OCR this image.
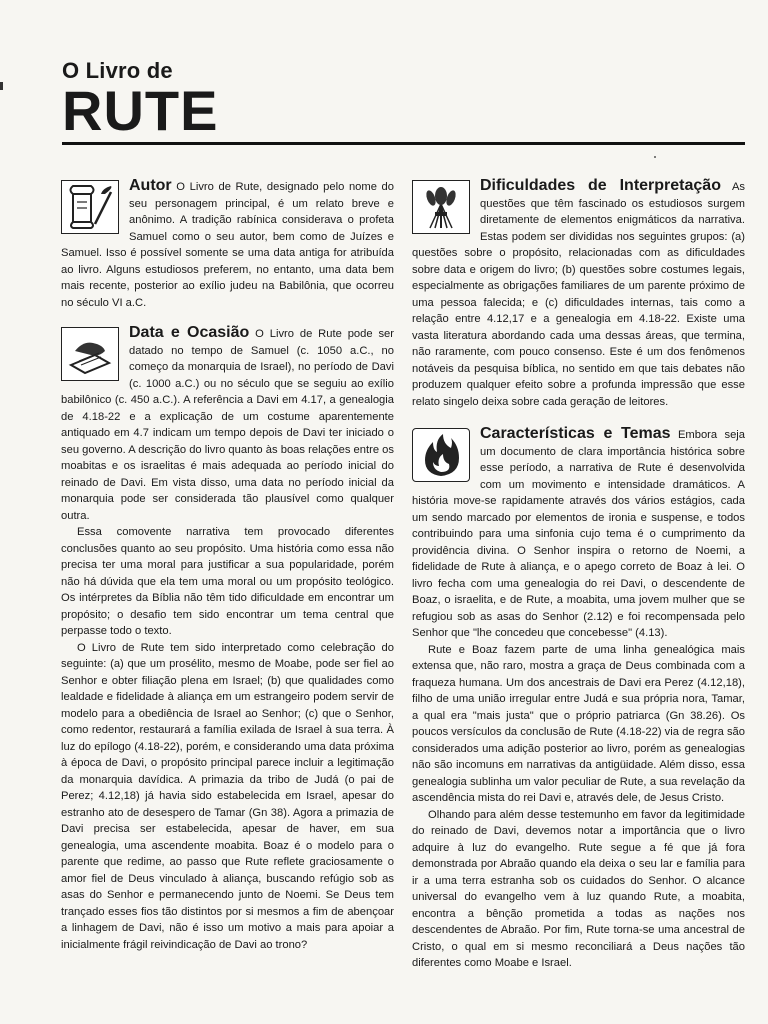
O Livro de
RUTE

Autor O Livro de Rute, designado pelo nome do seu personagem principal, é um relato breve e anônimo. A tradição rabínica considerava o profeta Samuel como o seu autor, bem como de Juízes e Samuel. Isso é possível somente se uma data antiga for atribuída ao livro. Alguns estudiosos preferem, no entanto, uma data bem mais recente, posterior ao exílio judeu na Babilônia, que ocorreu no século VI a.C.

Data e Ocasião O Livro de Rute pode ser datado no tempo de Samuel (c. 1050 a.C., no começo da monarquia de Israel), no período de Davi (c. 1000 a.C.) ou no século que se seguiu ao exílio babilônico (c. 450 a.C.). A referência a Davi em 4.17, a genealogia de 4.18-22 e a explicação de um costume aparentemente antiquado em 4.7 indicam um tempo depois de Davi ter iniciado o seu governo. A descrição do livro quanto às boas relações entre os moabitas e os israelitas é mais adequada ao período inicial do reinado de Davi. Em vista disso, uma data no período inicial da monarquia pode ser considerada tão plausível como qualquer outra.

Essa comovente narrativa tem provocado diferentes conclusões quanto ao seu propósito. Uma história como essa não precisa ter uma moral para justificar a sua popularidade, porém não há dúvida que ela tem uma moral ou um propósito teológico. Os intérpretes da Bíblia não têm tido dificuldade em encontrar um propósito; o desafio tem sido encontrar um tema central que perpasse todo o texto.

O Livro de Rute tem sido interpretado como celebração do seguinte: (a) que um prosélito, mesmo de Moabe, pode ser fiel ao Senhor e obter filiação plena em Israel; (b) que qualidades como lealdade e fidelidade à aliança em um estrangeiro podem servir de modelo para a obediência de Israel ao Senhor; (c) que o Senhor, como redentor, restaurará a família exilada de Israel à sua terra. À luz do epílogo (4.18-22), porém, e considerando uma data próxima à época de Davi, o propósito principal parece incluir a legitimação da monarquia davídica. A primazia da tribo de Judá (o pai de Perez; 4.12,18) já havia sido estabelecida em Israel, apesar do estranho ato de desespero de Tamar (Gn 38). Agora a primazia de Davi precisa ser estabelecida, apesar de haver, em sua genealogia, uma ascendente moabita. Boaz é o modelo para o parente que redime, ao passo que Rute reflete graciosamente o amor fiel de Deus vinculado à aliança, buscando refúgio sob as asas do Senhor e permanecendo junto de Noemi. Se Deus tem trançado esses fios tão distintos por si mesmos a fim de abençoar a linhagem de Davi, não é isso um motivo a mais para apoiar a inicialmente frágil reivindicação de Davi ao trono?

Dificuldades de Interpretação As questões que têm fascinado os estudiosos surgem diretamente de elementos enigmáticos da narrativa. Estas podem ser divididas nos seguintes grupos: (a) questões sobre o propósito, relacionadas com as dificuldades sobre data e origem do livro; (b) questões sobre costumes legais, especialmente as obrigações familiares de um parente próximo de uma pessoa falecida; e (c) dificuldades internas, tais como a relação entre 4.12,17 e a genealogia em 4.18-22. Existe uma vasta literatura abordando cada uma dessas áreas, que termina, não raramente, com pouco consenso. Este é um dos fenômenos notáveis da pesquisa bíblica, no sentido em que tais debates não produzem qualquer efeito sobre a profunda impressão que esse relato singelo deixa sobre cada geração de leitores.

Características e Temas Embora seja um documento de clara importância histórica sobre esse período, a narrativa de Rute é desenvolvida com um movimento e intensidade dramáticos. A história move-se rapidamente através dos vários estágios, cada um sendo marcado por elementos de ironia e suspense, e todos contribuindo para uma sinfonia cujo tema é o cumprimento da providência divina. O Senhor inspira o retorno de Noemi, a fidelidade de Rute à aliança, e o apego correto de Boaz à lei. O livro fecha com uma genealogia do rei Davi, o descendente de Boaz, o israelita, e de Rute, a moabita, uma jovem mulher que se refugiou sob as asas do Senhor (2.12) e foi recompensada pelo Senhor que "lhe concedeu que concebesse" (4.13).

Rute e Boaz fazem parte de uma linha genealógica mais extensa que, não raro, mostra a graça de Deus combinada com a fraqueza humana. Um dos ancestrais de Davi era Perez (4.12,18), filho de uma união irregular entre Judá e sua própria nora, Tamar, a qual era "mais justa" que o próprio patriarca (Gn 38.26). Os poucos versículos da conclusão de Rute (4.18-22) via de regra são considerados uma adição posterior ao livro, porém as genealogias não são incomuns em narrativas da antigüidade. Além disso, essa genealogia sublinha um valor peculiar de Rute, a sua revelação da ascendência mista do rei Davi e, através dele, de Jesus Cristo.

Olhando para além desse testemunho em favor da legitimidade do reinado de Davi, devemos notar a importância que o livro adquire à luz do evangelho. Rute segue a fé que já fora demonstrada por Abraão quando ela deixa o seu lar e família para ir a uma terra estranha sob os cuidados do Senhor. O alcance universal do evangelho vem à luz quando Rute, a moabita, encontra a bênção prometida a todas as nações nos descendentes de Abraão. Por fim, Rute torna-se uma ancestral de Cristo, o qual em si mesmo reconciliará a Deus nações tão diferentes como Moabe e Israel.
